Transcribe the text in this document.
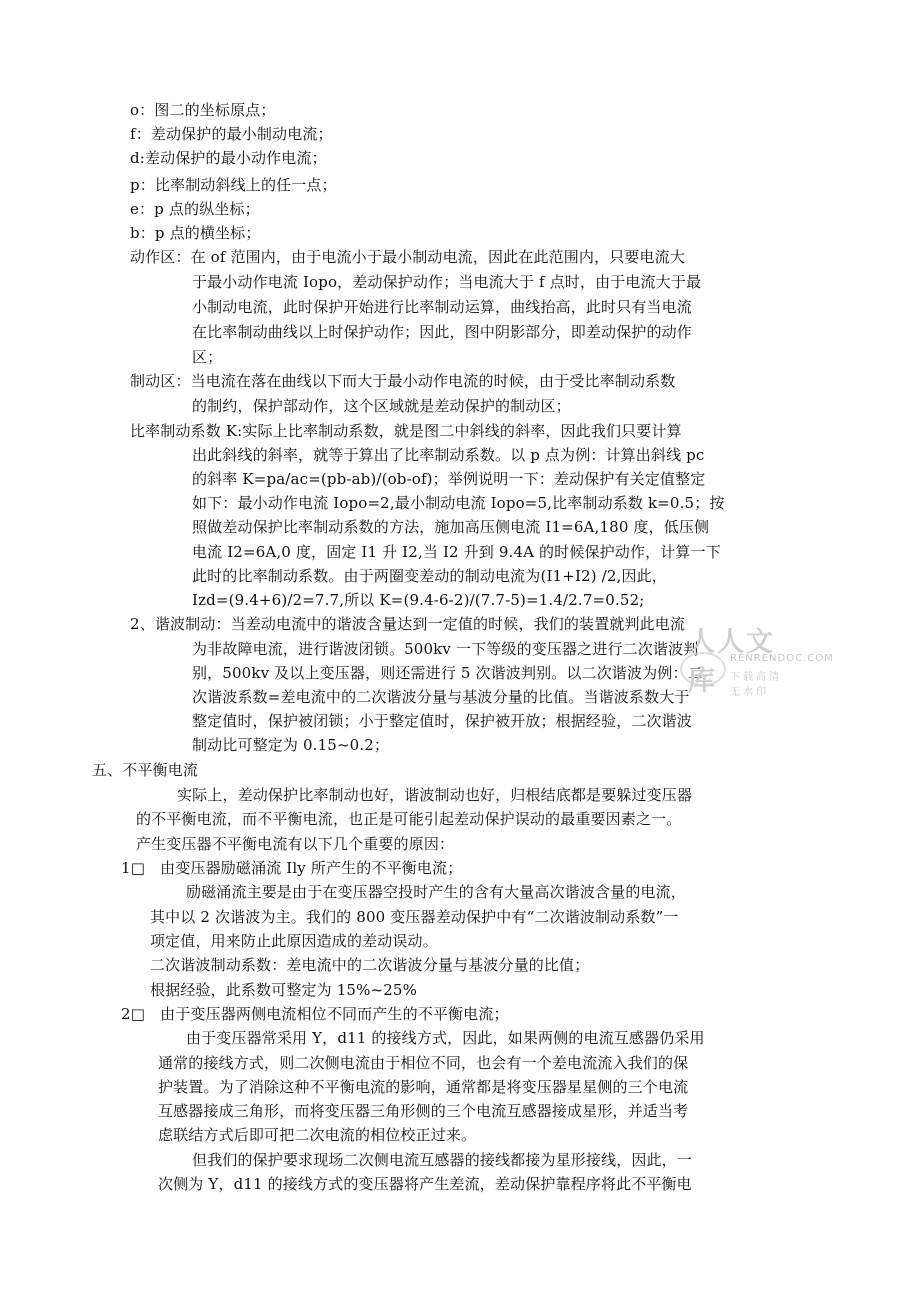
o：图二的坐标原点；
f：差动保护的最小制动电流；
d:差动保护的最小动作电流；
p：比率制动斜线上的任一点；
e：p 点的纵坐标；
b：p 点的横坐标；
动作区：在 of 范围内，由于电流小于最小制动电流，因此在此范围内，只要电流大
于最小动作电流 Iopo，差动保护动作；当电流大于 f 点时，由于电流大于最
小制动电流，此时保护开始进行比率制动运算，曲线抬高，此时只有当电流
在比率制动曲线以上时保护动作；因此，图中阴影部分，即差动保护的动作
区；
制动区：当电流在落在曲线以下而大于最小动作电流的时候，由于受比率制动系数
的制约，保护部动作，这个区域就是差动保护的制动区；
比率制动系数 K:实际上比率制动系数，就是图二中斜线的斜率，因此我们只要计算
出此斜线的斜率，就等于算出了比率制动系数。以 p 点为例：计算出斜线 pc
的斜率 K=pa/ac=(pb-ab)/(ob-of)；举例说明一下：差动保护有关定值整定
如下：最小动作电流 Iopo=2,最小制动电流 Iopo=5,比率制动系数 k=0.5；按
照做差动保护比率制动系数的方法，施加高压侧电流 I1=6A,180 度，低压侧
电流 I2=6A,0 度，固定 I1 升 I2,当 I2 升到 9.4A 的时候保护动作，计算一下
此时的比率制动系数。由于两圈变差动的制动电流为(I1+I2) /2,因此，
Izd=(9.4+6)/2=7.7,所以 K=(9.4-6-2)/(7.7-5)=1.4/2.7=0.52;
2、谐波制动：当差动电流中的谐波含量达到一定值的时候，我们的装置就判此电流
为非故障电流，进行谐波闭锁。500kv 一下等级的变压器之进行二次谐波判
别，500kv 及以上变压器，则还需进行 5 次谐波判别。以二次谐波为例：二
次谐波系数=差电流中的二次谐波分量与基波分量的比值。当谐波系数大于
整定值时，保护被闭锁；小于整定值时，保护被开放；根据经验，二次谐波
制动比可整定为 0.15~0.2；
五、不平衡电流
实际上，差动保护比率制动也好，谐波制动也好，归根结底都是要躲过变压器
的不平衡电流，而不平衡电流，也正是可能引起差动保护误动的最重要因素之一。
产生变压器不平衡电流有以下几个重要的原因：
1□　由变压器励磁涌流 Ily 所产生的不平衡电流；
励磁涌流主要是由于在变压器空投时产生的含有大量高次谐波含量的电流，
其中以 2 次谐波为主。我们的 800 变压器差动保护中有“二次谐波制动系数”一
项定值，用来防止此原因造成的差动误动。
二次谐波制动系数：差电流中的二次谐波分量与基波分量的比值；
根据经验，此系数可整定为 15%~25%
2□　由于变压器两侧电流相位不同而产生的不平衡电流；
由于变压器常采用 Y，d11 的接线方式，因此，如果两侧的电流互感器仍采用
通常的接线方式，则二次侧电流由于相位不同，也会有一个差电流流入我们的保
护装置。为了消除这种不平衡电流的影响，通常都是将变压器星星侧的三个电流
互感器接成三角形，而将变压器三角形侧的三个电流互感器接成星形，并适当考
虑联结方式后即可把二次电流的相位校正过来。
但我们的保护要求现场二次侧电流互感器的接线都接为星形接线，因此，一
次侧为 Y，d11 的接线方式的变压器将产生差流，差动保护靠程序将此不平衡电
人人文库
RENRENDOC.COM
下载高清无水印
